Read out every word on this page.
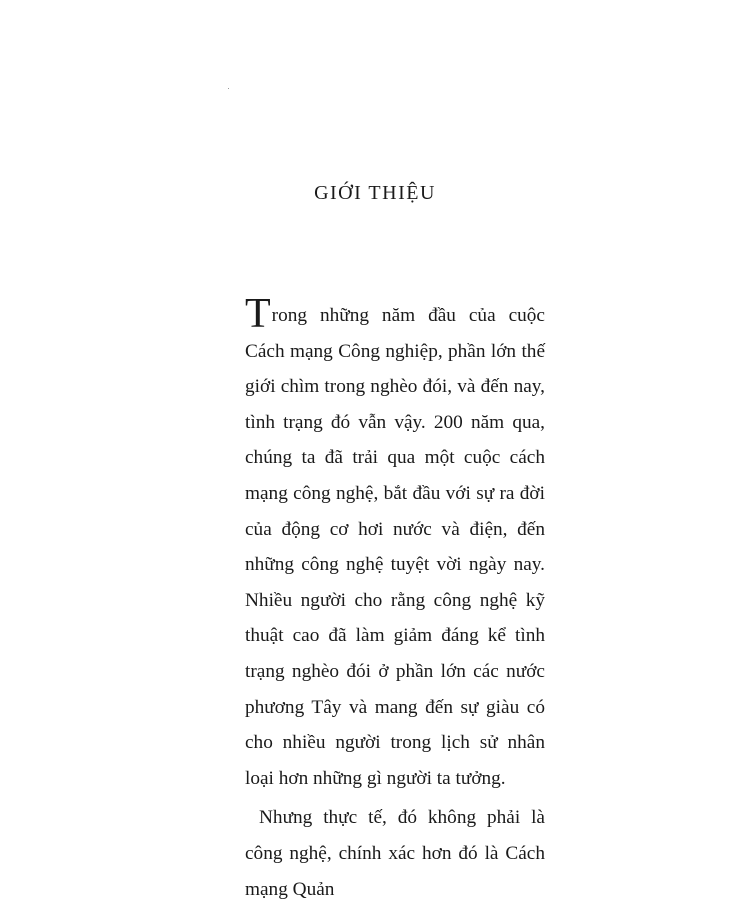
GIỚI THIỆU

Trong những năm đầu của cuộc Cách mạng Công nghiệp, phần lớn thế giới chìm trong nghèo đói, và đến nay, tình trạng đó vẫn vậy. 200 năm qua, chúng ta đã trải qua một cuộc cách mạng công nghệ, bắt đầu với sự ra đời của động cơ hơi nước và điện, đến những công nghệ tuyệt vời ngày nay. Nhiều người cho rằng công nghệ kỹ thuật cao đã làm giảm đáng kể tình trạng nghèo đói ở phần lớn các nước phương Tây và mang đến sự giàu có cho nhiều người trong lịch sử nhân loại hơn những gì người ta tưởng.

Nhưng thực tế, đó không phải là công nghệ, chính xác hơn đó là Cách mạng Quản
